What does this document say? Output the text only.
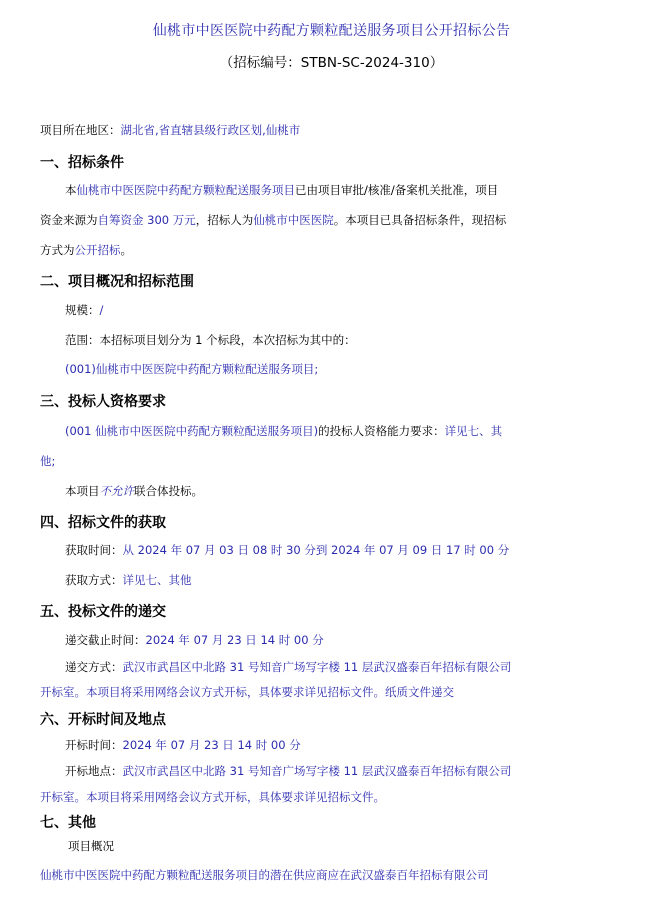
仙桃市中医医院中药配方颗粒配送服务项目公开招标公告
（招标编号：STBN-SC-2024-310）
项目所在地区：湖北省,省直辖县级行政区划,仙桃市
一、招标条件
本仙桃市中医医院中药配方颗粒配送服务项目已由项目审批/核准/备案机关批准，项目
资金来源为自筹资金 300 万元，招标人为仙桃市中医医院。本项目已具备招标条件，现招标
方式为公开招标。
二、项目概况和招标范围
规模：/
范围：本招标项目划分为 1 个标段，本次招标为其中的：
(001)仙桃市中医医院中药配方颗粒配送服务项目;
三、投标人资格要求
(001 仙桃市中医医院中药配方颗粒配送服务项目)的投标人资格能力要求：详见七、其
他;
本项目不允许联合体投标。
四、招标文件的获取
获取时间：从 2024 年 07 月 03 日 08 时 30 分到 2024 年 07 月 09 日 17 时 00 分
获取方式：详见七、其他
五、投标文件的递交
递交截止时间：2024 年 07 月 23 日 14 时 00 分
递交方式：武汉市武昌区中北路 31 号知音广场写字楼 11 层武汉盛泰百年招标有限公司
开标室。本项目将采用网络会议方式开标，具体要求详见招标文件。纸质文件递交
六、开标时间及地点
开标时间：2024 年 07 月 23 日 14 时 00 分
开标地点：武汉市武昌区中北路 31 号知音广场写字楼 11 层武汉盛泰百年招标有限公司
开标室。本项目将采用网络会议方式开标，具体要求详见招标文件。
七、其他
项目概况
仙桃市中医医院中药配方颗粒配送服务项目的潜在供应商应在武汉盛泰百年招标有限公司
